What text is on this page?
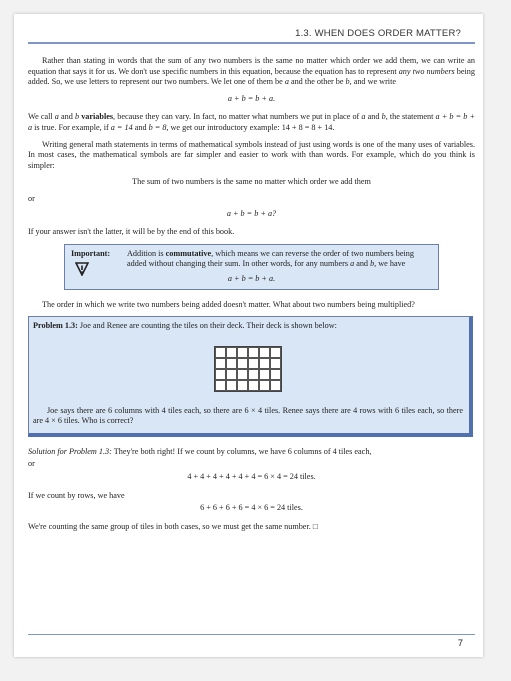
1.3. WHEN DOES ORDER MATTER?

Rather than stating in words that the sum of any two numbers is the same no matter which order we add them, we can write an equation that says it for us. We don't use specific numbers in this equation, because the equation has to represent any two numbers being added. So, we use letters to represent our two numbers. We let one of them be a and the other be b, and we write

a + b = b + a.

We call a and b variables, because they can vary. In fact, no matter what numbers we put in place of a and b, the statement a + b = b + a is true. For example, if a = 14 and b = 8, we get our introductory example: 14 + 8 = 8 + 14.

Writing general math statements in terms of mathematical symbols instead of just using words is one of the many uses of variables. In most cases, the mathematical symbols are far simpler and easier to work with than words. For example, which do you think is simpler:

The sum of two numbers is the same no matter which order we add them
or
a + b = b + a?

If your answer isn't the latter, it will be by the end of this book.

Important: Addition is commutative, which means we can reverse the order of two numbers being added without changing their sum. In other words, for any numbers a and b, we have
a + b = b + a.

The order in which we write two numbers being added doesn't matter. What about two numbers being multiplied?

Problem 1.3: Joe and Renee are counting the tiles on their deck. Their deck is shown below:
Joe says there are 6 columns with 4 tiles each, so there are 6 × 4 tiles. Renee says there are 4 rows with 6 tiles each, so there are 4 × 6 tiles. Who is correct?

Solution for Problem 1.3: They're both right! If we count by columns, we have 6 columns of 4 tiles each,

or
4 + 4 + 4 + 4 + 4 + 4 = 6 × 4 = 24 tiles.
If we count by rows, we have
6 + 6 + 6 + 6 = 4 × 6 = 24 tiles.

We're counting the same group of tiles in both cases, so we must get the same number. □

7
